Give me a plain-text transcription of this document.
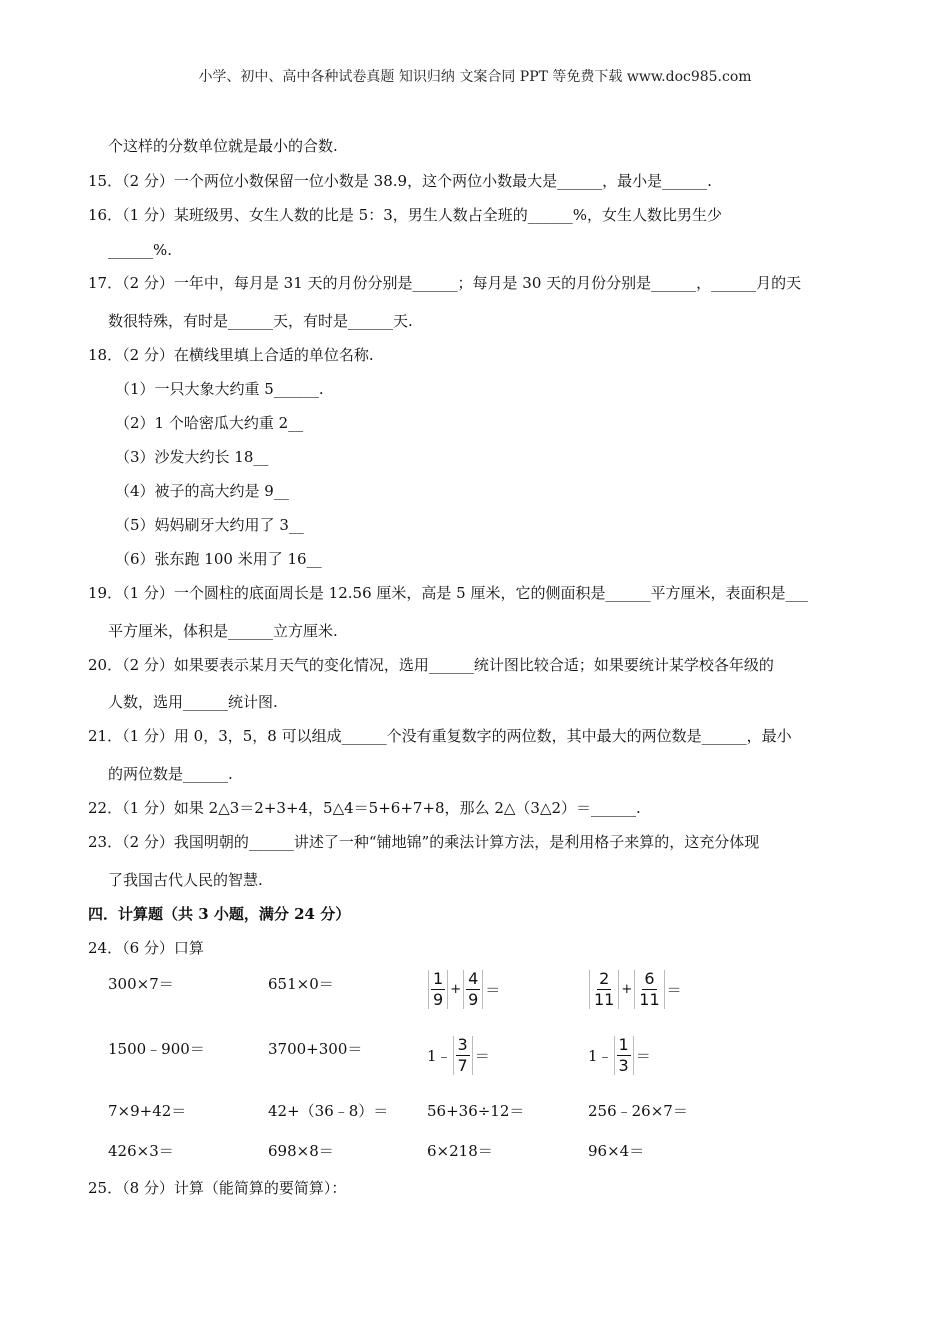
小学、初中、高中各种试卷真题 知识归纳 文案合同 PPT 等免费下载 www.doc985.com
个这样的分数单位就是最小的合数.
15．（2 分）一个两位小数保留一位小数是 38.9，这个两位小数最大是______，最小是______.
16．（1 分）某班级男、女生人数的比是 5：3，男生人数占全班的______%，女生人数比男生少
______%.
17．（2 分）一年中，每月是 31 天的月份分别是______；每月是 30 天的月份分别是______，______月的天
数很特殊，有时是______天，有时是______天.
18．（2 分）在横线里填上合适的单位名称.
（1）一只大象大约重 5______.
（2）1 个哈密瓜大约重 2__
（3）沙发大约长 18__
（4）被子的高大约是 9__
（5）妈妈刷牙大约用了 3__
（6）张东跑 100 米用了 16__
19．（1 分）一个圆柱的底面周长是 12.56 厘米，高是 5 厘米，它的侧面积是______平方厘米，表面积是___
平方厘米，体积是______立方厘米.
20．（2 分）如果要表示某月天气的变化情况，选用______统计图比较合适；如果要统计某学校各年级的
人数，选用______统计图.
21．（1 分）用 0，3，5，8 可以组成______个没有重复数字的两位数，其中最大的两位数是______，最小
的两位数是______.
22．（1 分）如果 2△3＝2+3+4，5△4＝5+6+7+8，那么 2△（3△2）＝______.
23．（2 分）我国明朝的______讲述了一种“铺地锦”的乘法计算方法，是利用格子来算的，这充分体现
了我国古代人民的智慧.
四．计算题（共 3 小题，满分 24 分）
24．（6 分）口算
300×7＝	651×0＝	$\frac{1}{9} + \frac{4}{9}$ ＝	$\frac{2}{11} + \frac{6}{11}$ ＝
1500﹣900＝	3700+300＝	1﹣ $\frac{3}{7}$ ＝	1﹣ $\frac{1}{3}$ ＝
7×9+42＝	42+（36﹣8）＝	56+36÷12＝	256﹣26×7＝
426×3＝	698×8＝	6×218＝	96×4＝
25．（8 分）计算（能简算的要简算）：
